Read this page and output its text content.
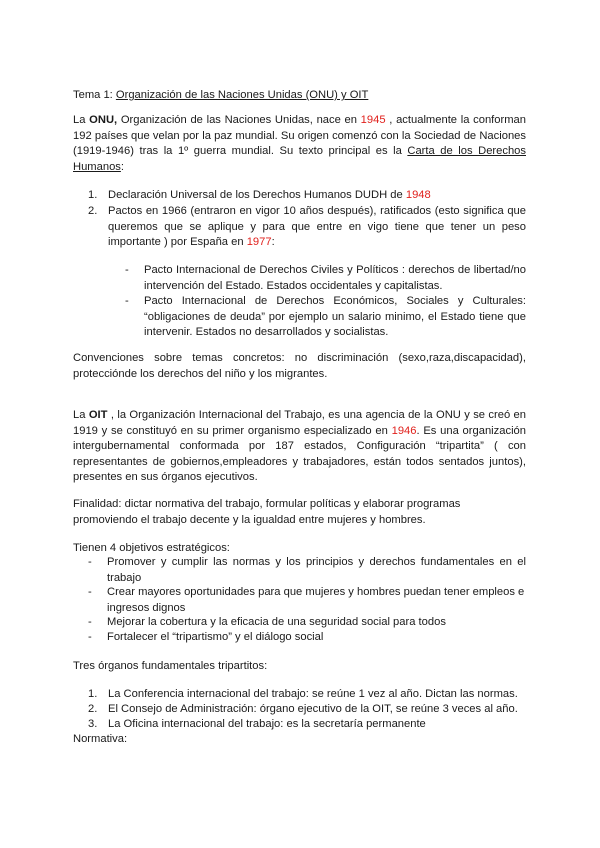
Tema 1: Organización de las Naciones Unidas (ONU) y OIT
La ONU, Organización de las Naciones Unidas, nace en 1945 , actualmente la conforman 192 países que velan por la paz mundial. Su origen comenzó con la Sociedad de Naciones (1919-1946) tras la 1º guerra mundial. Su texto principal es la Carta de los Derechos Humanos:
1. Declaración Universal de los Derechos Humanos DUDH de 1948
2. Pactos en 1966 (entraron en vigor 10 años después), ratificados (esto significa que queremos que se aplique y para que entre en vigo tiene que tener un peso importante ) por España en 1977:
- Pacto Internacional de Derechos Civiles y Políticos : derechos de libertad/no intervención del Estado. Estados occidentales y capitalistas.
- Pacto Internacional de Derechos Económicos, Sociales y Culturales: “obligaciones de deuda” por ejemplo un salario minimo, el Estado tiene que intervenir. Estados no desarrollados y socialistas.
Convenciones sobre temas concretos: no discriminación (sexo,raza,discapacidad), protecciónde los derechos del niño y los migrantes.
La OIT , la Organización Internacional del Trabajo, es una agencia de la ONU y se creó en 1919 y se constituyó en su primer organismo especializado en 1946. Es una organización intergubernamental conformada por 187 estados, Configuración “tripartita” ( con representantes de gobiernos,empleadores y trabajadores, están todos sentados juntos), presentes en sus órganos ejecutivos.
Finalidad: dictar normativa del trabajo, formular políticas y elaborar programas promoviendo el trabajo decente y la igualdad entre mujeres y hombres.
Tienen 4 objetivos estratégicos:
- Promover y cumplir las normas y los principios y derechos fundamentales en el trabajo
- Crear mayores oportunidades para que mujeres y hombres puedan tener empleos e ingresos dignos
- Mejorar la cobertura y la eficacia de una seguridad social para todos
- Fortalecer el “tripartismo” y el diálogo social
Tres órganos fundamentales tripartitos:
1. La Conferencia internacional del trabajo: se reúne 1 vez al año. Dictan las normas.
2. El Consejo de Administración: órgano ejecutivo de la OIT, se reúne 3 veces al año.
3. La Oficina internacional del trabajo: es la secretaría permanente
Normativa:
